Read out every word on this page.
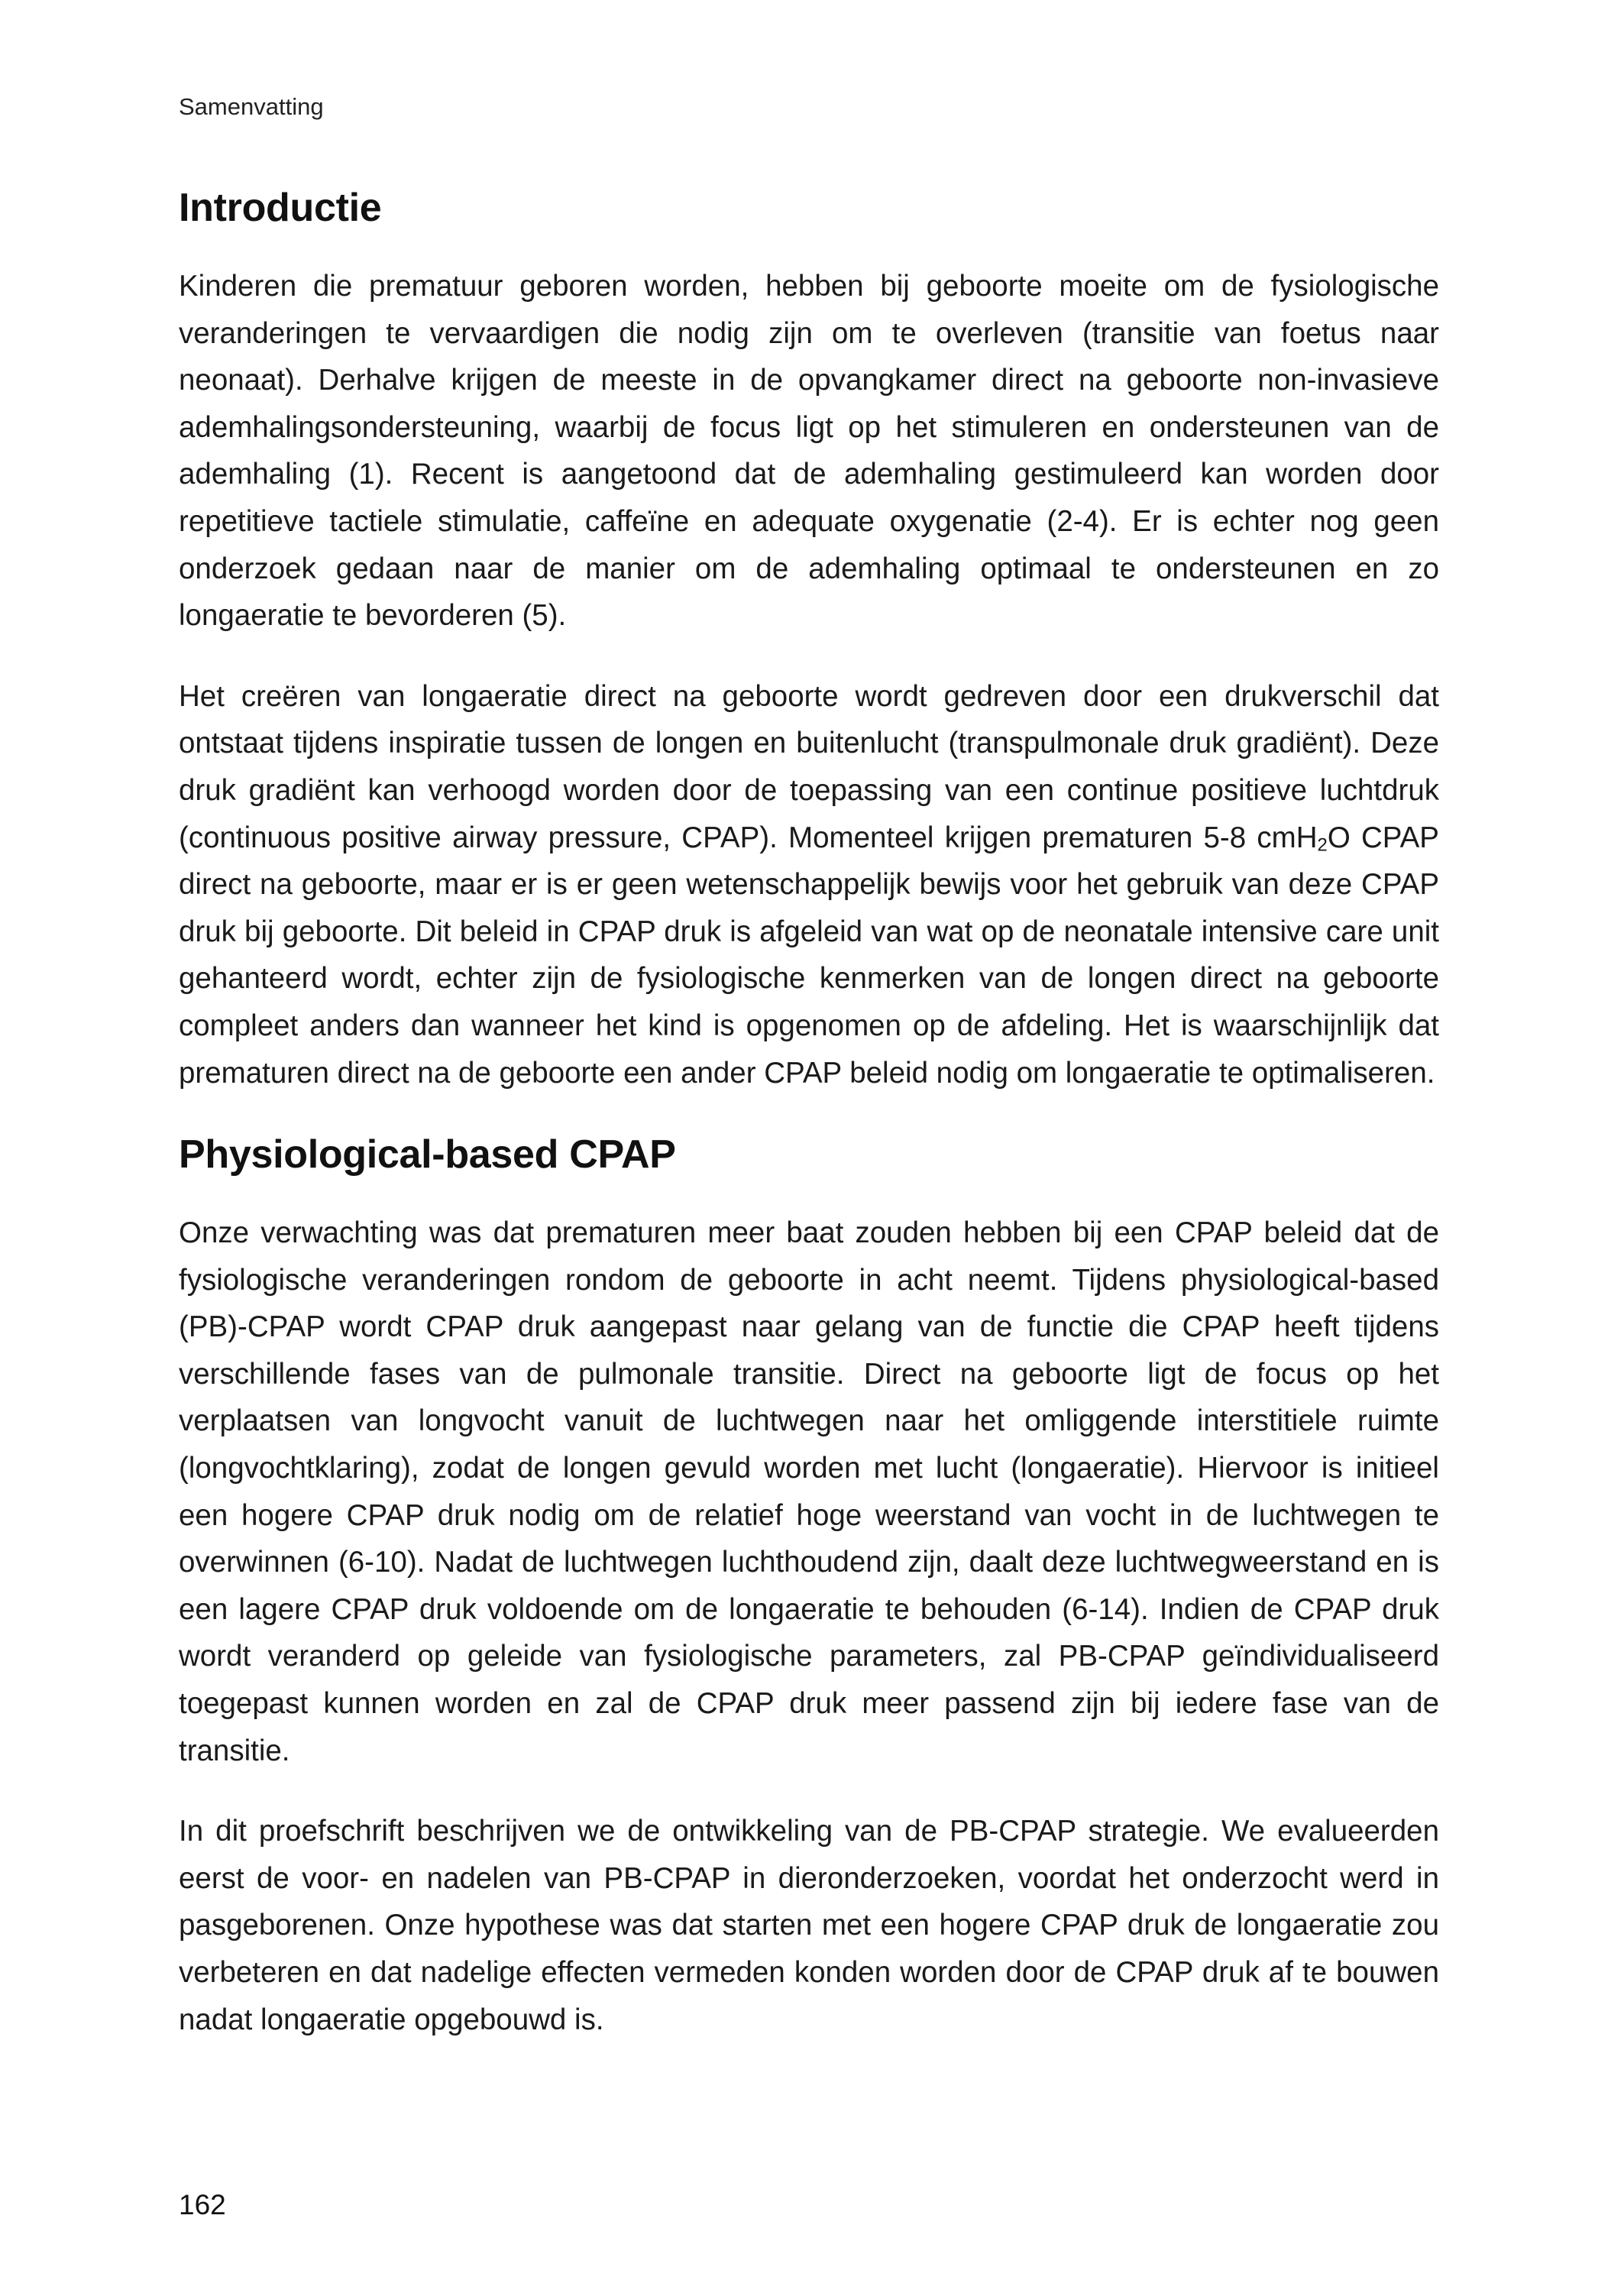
Samenvatting
Introductie

Kinderen die prematuur geboren worden, hebben bij geboorte moeite om de fysiologische veranderingen te vervaardigen die nodig zijn om te overleven (transitie van foetus naar neonaat). Derhalve krijgen de meeste in de opvangkamer direct na geboorte non-invasieve ademhalingsondersteuning, waarbij de focus ligt op het stimuleren en ondersteunen van de ademhaling (1). Recent is aangetoond dat de ademhaling gestimuleerd kan worden door repetitieve tactiele stimulatie, caffeïne en adequate oxygenatie (2-4). Er is echter nog geen onderzoek gedaan naar de manier om de ademhaling optimaal te ondersteunen en zo longaeratie te bevorderen (5).

Het creëren van longaeratie direct na geboorte wordt gedreven door een drukverschil dat ontstaat tijdens inspiratie tussen de longen en buitenlucht (transpulmonale druk gradiënt). Deze druk gradiënt kan verhoogd worden door de toepassing van een continue positieve luchtdruk (continuous positive airway pressure, CPAP). Momenteel krijgen prematuren 5-8 cmH$_2$O CPAP direct na geboorte, maar er is er geen wetenschappelijk bewijs voor het gebruik van deze CPAP druk bij geboorte. Dit beleid in CPAP druk is afgeleid van wat op de neonatale intensive care unit gehanteerd wordt, echter zijn de fysiologische kenmerken van de longen direct na geboorte compleet anders dan wanneer het kind is opgenomen op de afdeling. Het is waarschijnlijk dat prematuren direct na de geboorte een ander CPAP beleid nodig om longaeratie te optimaliseren.

Physiological-based CPAP

Onze verwachting was dat prematuren meer baat zouden hebben bij een CPAP beleid dat de fysiologische veranderingen rondom de geboorte in acht neemt. Tijdens physiological-based (PB)-CPAP wordt CPAP druk aangepast naar gelang van de functie die CPAP heeft tijdens verschillende fases van de pulmonale transitie. Direct na geboorte ligt de focus op het verplaatsen van longvocht vanuit de luchtwegen naar het omliggende interstitiele ruimte (longvochtklaring), zodat de longen gevuld worden met lucht (longaeratie). Hiervoor is initieel een hogere CPAP druk nodig om de relatief hoge weerstand van vocht in de luchtwegen te overwinnen (6-10). Nadat de luchtwegen luchthoudend zijn, daalt deze luchtwegweerstand en is een lagere CPAP druk voldoende om de longaeratie te behouden (6-14). Indien de CPAP druk wordt veranderd op geleide van fysiologische parameters, zal PB-CPAP geïndividualiseerd toegepast kunnen worden en zal de CPAP druk meer passend zijn bij iedere fase van de transitie.

In dit proefschrift beschrijven we de ontwikkeling van de PB-CPAP strategie. We evalueerden eerst de voor- en nadelen van PB-CPAP in dieronderzoeken, voordat het onderzocht werd in pasgeborenen. Onze hypothese was dat starten met een hogere CPAP druk de longaeratie zou verbeteren en dat nadelige effecten vermeden konden worden door de CPAP druk af te bouwen nadat longaeratie opgebouwd is.

162
